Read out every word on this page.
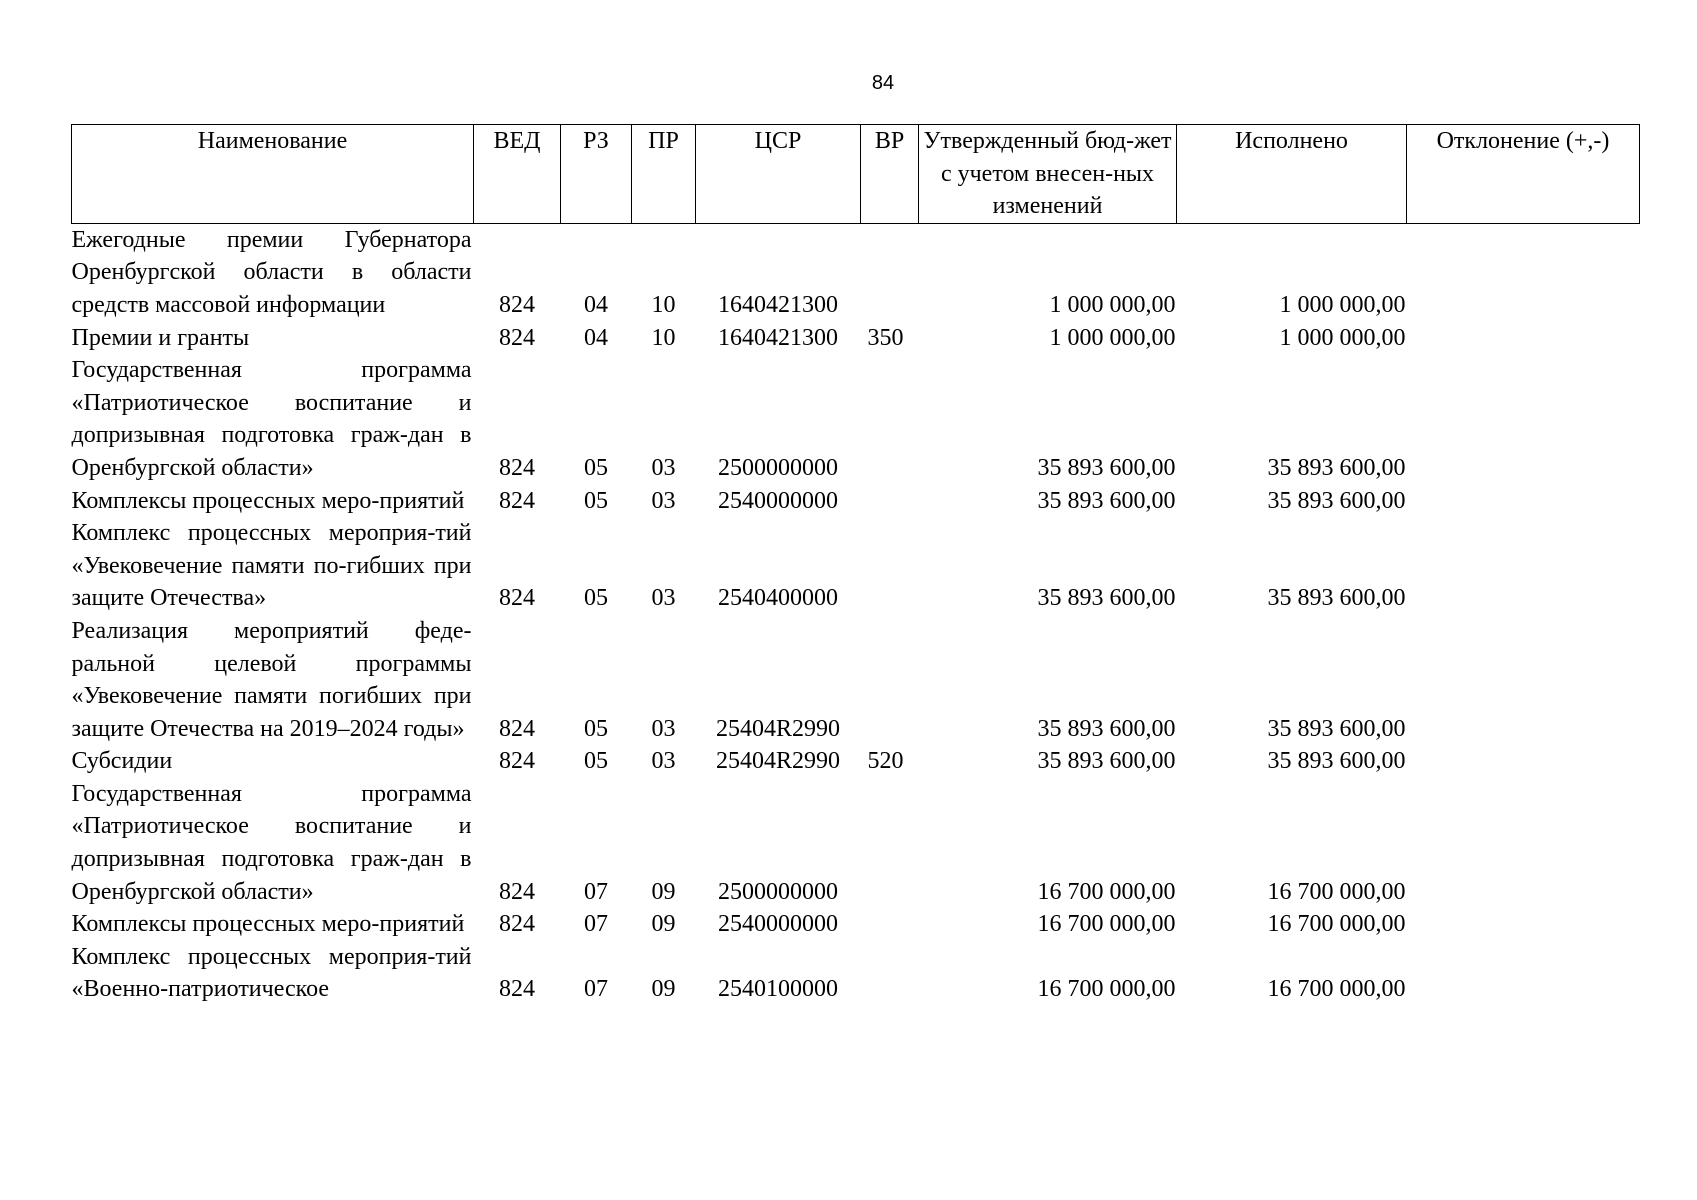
84
Наименование	ВЕД	РЗ	ПР	ЦСР	ВР	Утвержденный бюд-жет с учетом внесен-ных изменений	Исполнено	Отклонение (+,-)
Ежегодные премии Губернатора Оренбургской области в области средств массовой информации	824	04	10	1640421300		1 000 000,00	1 000 000,00	
Премии и гранты	824	04	10	1640421300	350	1 000 000,00	1 000 000,00	
Государственная программа «Патриотическое воспитание и допризывная подготовка граж-дан в Оренбургской области»	824	05	03	2500000000		35 893 600,00	35 893 600,00	
Комплексы процессных меро-приятий	824	05	03	2540000000		35 893 600,00	35 893 600,00	
Комплекс процессных мероприя-тий «Увековечение памяти по-гибших при защите Отечества»	824	05	03	2540400000		35 893 600,00	35 893 600,00	
Реализация мероприятий феде-ральной целевой программы «Увековечение памяти погибших при защите Отечества на 2019–2024 годы»	824	05	03	25404R2990		35 893 600,00	35 893 600,00	
Субсидии	824	05	03	25404R2990	520	35 893 600,00	35 893 600,00	
Государственная программа «Патриотическое воспитание и допризывная подготовка граж-дан в Оренбургской области»	824	07	09	2500000000		16 700 000,00	16 700 000,00	
Комплексы процессных меро-приятий	824	07	09	2540000000		16 700 000,00	16 700 000,00	
Комплекс процессных мероприя-тий «Военно-патриотическое	824	07	09	2540100000		16 700 000,00	16 700 000,00	
